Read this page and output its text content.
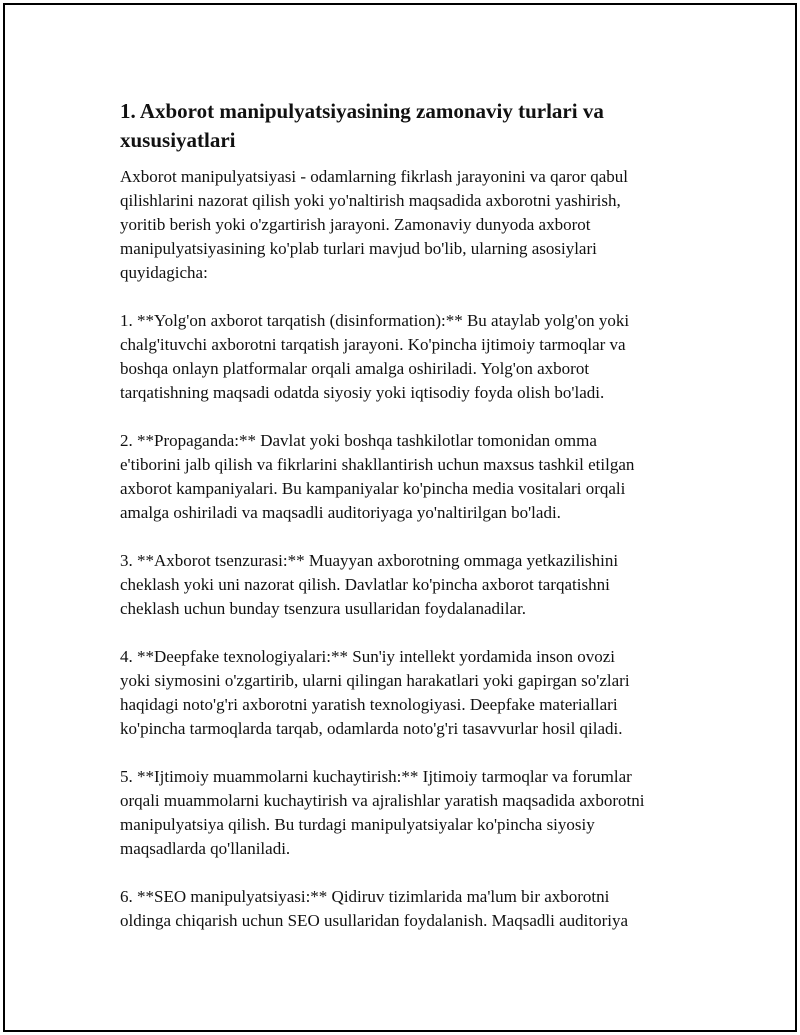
1. Axborot manipulyatsiyasining zamonaviy turlari va
xususiyatlari

Axborot manipulyatsiyasi - odamlarning fikrlash jarayonini va qaror qabul
qilishlarini nazorat qilish yoki yo'naltirish maqsadida axborotni yashirish,
yoritib berish yoki o'zgartirish jarayoni. Zamonaviy dunyoda axborot
manipulyatsiyasining ko'plab turlari mavjud bo'lib, ularning asosiylari
quyidagicha:

1. **Yolg'on axborot tarqatish (disinformation):** Bu ataylab yolg'on yoki
chalg'ituvchi axborotni tarqatish jarayoni. Ko'pincha ijtimoiy tarmoqlar va
boshqa onlayn platformalar orqali amalga oshiriladi. Yolg'on axborot
tarqatishning maqsadi odatda siyosiy yoki iqtisodiy foyda olish bo'ladi.

2. **Propaganda:** Davlat yoki boshqa tashkilotlar tomonidan omma
e'tiborini jalb qilish va fikrlarini shakllantirish uchun maxsus tashkil etilgan
axborot kampaniyalari. Bu kampaniyalar ko'pincha media vositalari orqali
amalga oshiriladi va maqsadli auditoriyaga yo'naltirilgan bo'ladi.

3. **Axborot tsenzurasi:** Muayyan axborotning ommaga yetkazilishini
cheklash yoki uni nazorat qilish. Davlatlar ko'pincha axborot tarqatishni
cheklash uchun bunday tsenzura usullaridan foydalanadilar.

4. **Deepfake texnologiyalari:** Sun'iy intellekt yordamida inson ovozi
yoki siymosini o'zgartirib, ularni qilingan harakatlari yoki gapirgan so'zlari
haqidagi noto'g'ri axborotni yaratish texnologiyasi. Deepfake materiallari
ko'pincha tarmoqlarda tarqab, odamlarda noto'g'ri tasavvurlar hosil qiladi.

5. **Ijtimoiy muammolarni kuchaytirish:** Ijtimoiy tarmoqlar va forumlar
orqali muammolarni kuchaytirish va ajralishlar yaratish maqsadida axborotni
manipulyatsiya qilish. Bu turdagi manipulyatsiyalar ko'pincha siyosiy
maqsadlarda qo'llaniladi.

6. **SEO manipulyatsiyasi:** Qidiruv tizimlarida ma'lum bir axborotni
oldinga chiqarish uchun SEO usullaridan foydalanish. Maqsadli auditoriya
